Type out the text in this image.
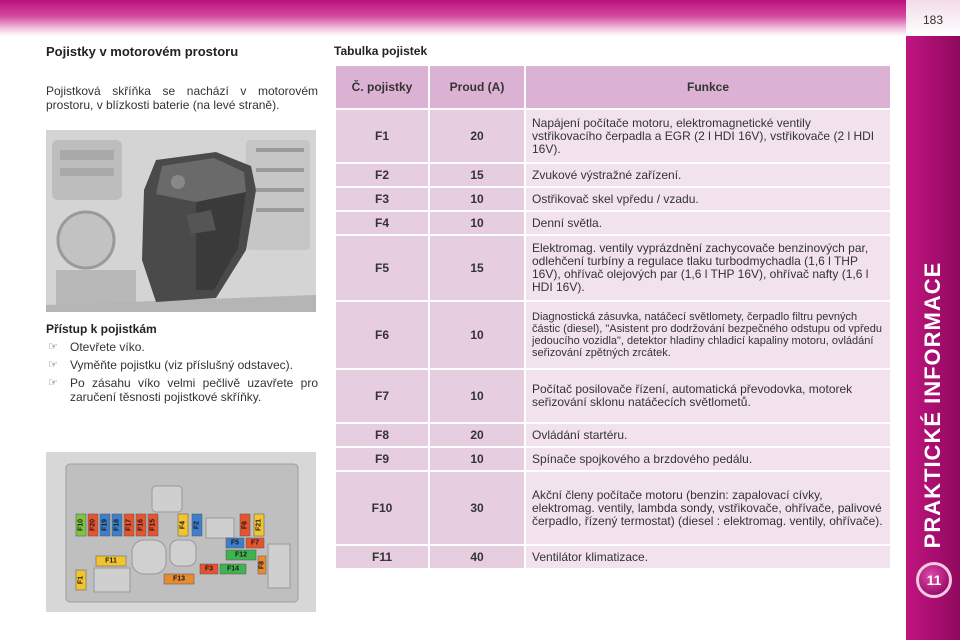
183
PRAKTICKÉ INFORMACE
11
Pojistky v motorovém prostoru
Pojistková skříňka se nachází v motorovém prostoru, v blízkosti baterie (na levé straně).
Přístup k pojistkám
☞ Otevřete víko.
☞ Vyměňte pojistku (viz příslušný odstavec).
☞ Po zásahu víko velmi pečlivě uzavřete pro zaručení těsnosti pojistkové skříňky.
F10 F20 F19 F18 F17 F16 F15	F4 F2	F6 F21
F5 F7
F12
F11
F3 F14	F8
F13
F1
Tabulka pojistek
Č. pojistky	Proud (A)	Funkce
F1	20	Napájení počítače motoru, elektromagnetické ventily vstřikovacího čerpadla a EGR (2 l HDI 16V), vstřikovače (2 l HDI 16V).
F2	15	Zvukové výstražné zařízení.
F3	10	Ostřikovač skel vpředu / vzadu.
F4	10	Denní světla.
F5	15	Elektromag. ventily vyprázdnění zachycovače benzinových par, odlehčení turbíny a regulace tlaku turbodmychadla (1,6 l THP 16V), ohřívač olejových par (1,6 l THP 16V), ohřívač nafty (1,6 l HDI 16V).
F6	10	Diagnostická zásuvka, natáčecí světlomety, čerpadlo filtru pevných částic (diesel), "Asistent pro dodržování bezpečného odstupu od vpředu jedoucího vozidla", detektor hladiny chladicí kapaliny motoru, ovládání seřizování zpětných zrcátek.
F7	10	Počítač posilovače řízení, automatická převodovka, motorek seřizování sklonu natáčecích světlometů.
F8	20	Ovládání startéru.
F9	10	Spínače spojkového a brzdového pedálu.
F10	30	Akční členy počítače motoru (benzin: zapalovací cívky, elektromag. ventily, lambda sondy, vstřikovače, ohřívače, palivové čerpadlo, řízený termostat) (diesel : elektromag. ventily, ohřívače).
F11	40	Ventilátor klimatizace.
